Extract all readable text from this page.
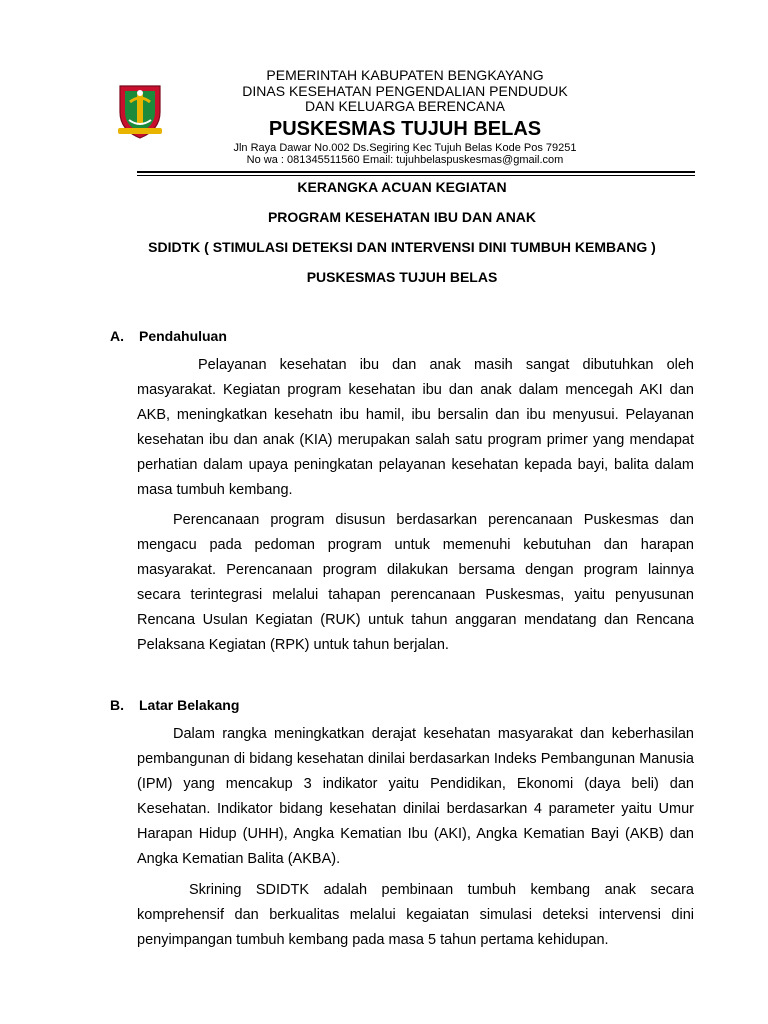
PEMERINTAH KABUPATEN BENGKAYANG
DINAS KESEHATAN PENGENDALIAN PENDUDUK
DAN KELUARGA BERENCANA
PUSKESMAS TUJUH BELAS
Jln Raya Dawar No.002 Ds.Segiring Kec Tujuh Belas Kode Pos 79251
No wa : 081345511560 Email: tujuhbelaspuskesmas@gmail.com
KERANGKA ACUAN KEGIATAN
PROGRAM KESEHATAN IBU DAN ANAK
SDIDTK ( STIMULASI DETEKSI DAN INTERVENSI DINI TUMBUH KEMBANG )
PUSKESMAS TUJUH BELAS
A. Pendahuluan
Pelayanan kesehatan ibu dan anak masih sangat dibutuhkan oleh masyarakat. Kegiatan program kesehatan ibu dan anak dalam mencegah AKI dan AKB, meningkatkan kesehatn ibu hamil, ibu bersalin dan ibu menyusui. Pelayanan kesehatan ibu dan anak (KIA) merupakan salah satu program primer yang mendapat perhatian dalam upaya peningkatan pelayanan kesehatan kepada bayi, balita dalam masa tumbuh kembang.
Perencanaan program disusun berdasarkan perencanaan Puskesmas dan mengacu pada pedoman program untuk memenuhi kebutuhan dan harapan masyarakat. Perencanaan program dilakukan bersama dengan program lainnya secara terintegrasi melalui tahapan perencanaan Puskesmas, yaitu penyusunan Rencana Usulan Kegiatan (RUK) untuk tahun anggaran mendatang dan Rencana Pelaksana Kegiatan (RPK) untuk tahun berjalan.
B. Latar Belakang
Dalam rangka meningkatkan derajat kesehatan masyarakat dan keberhasilan pembangunan di bidang kesehatan dinilai berdasarkan Indeks Pembangunan Manusia (IPM) yang mencakup 3 indikator yaitu Pendidikan, Ekonomi (daya beli) dan Kesehatan. Indikator bidang kesehatan dinilai berdasarkan 4 parameter yaitu Umur Harapan Hidup (UHH), Angka Kematian Ibu (AKI), Angka Kematian Bayi (AKB) dan Angka Kematian Balita (AKBA).
Skrining SDIDTK adalah pembinaan tumbuh kembang anak secara komprehensif dan berkualitas melalui kegaiatan simulasi deteksi intervensi dini penyimpangan tumbuh kembang pada masa 5 tahun pertama kehidupan.
